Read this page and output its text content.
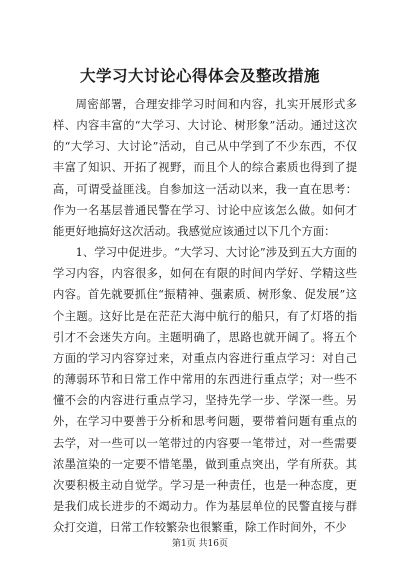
大学习大讨论心得体会及整改措施

周密部署，合理安排学习时间和内容，扎实开展形式多样、内容丰富的“大学习、大讨论、树形象”活动。通过这次的“大学习、大讨论”活动，自己从中学到了不少东西，不仅丰富了知识、开拓了视野，而且个人的综合素质也得到了提高，可谓受益匪浅。自参加这一活动以来，我一直在思考：作为一名基层普通民警在学习、讨论中应该怎么做。如何才能更好地搞好这次活动。我感觉应该通过以下几个方面：

1、学习中促进步。“大学习、大讨论”涉及到五大方面的学习内容，内容很多，如何在有限的时间内学好、学精这些内容。首先就要抓住“振精神、强素质、树形象、促发展”这个主题。这好比是在茫茫大海中航行的船只，有了灯塔的指引才不会迷失方向。主题明确了，思路也就开阔了。将五个方面的学习内容穿过来，对重点内容进行重点学习：对自己的薄弱环节和日常工作中常用的东西进行重点学；对一些不懂不会的内容进行重点学习，坚持先学一步、学深一些。另外，在学习中要善于分析和思考问题，要带着问题有重点的去学，对一些可以一笔带过的内容要一笔带过，对一些需要浓墨渲染的一定要不惜笔墨，做到重点突出，学有所获。其次要积极主动自觉学。学习是一种责任，也是一种态度，更是我们成长进步的不竭动力。作为基层单位的民警直接与群众打交道，日常工作较繁杂也很繁重，除工作时间外，不少

第1页 共16页
